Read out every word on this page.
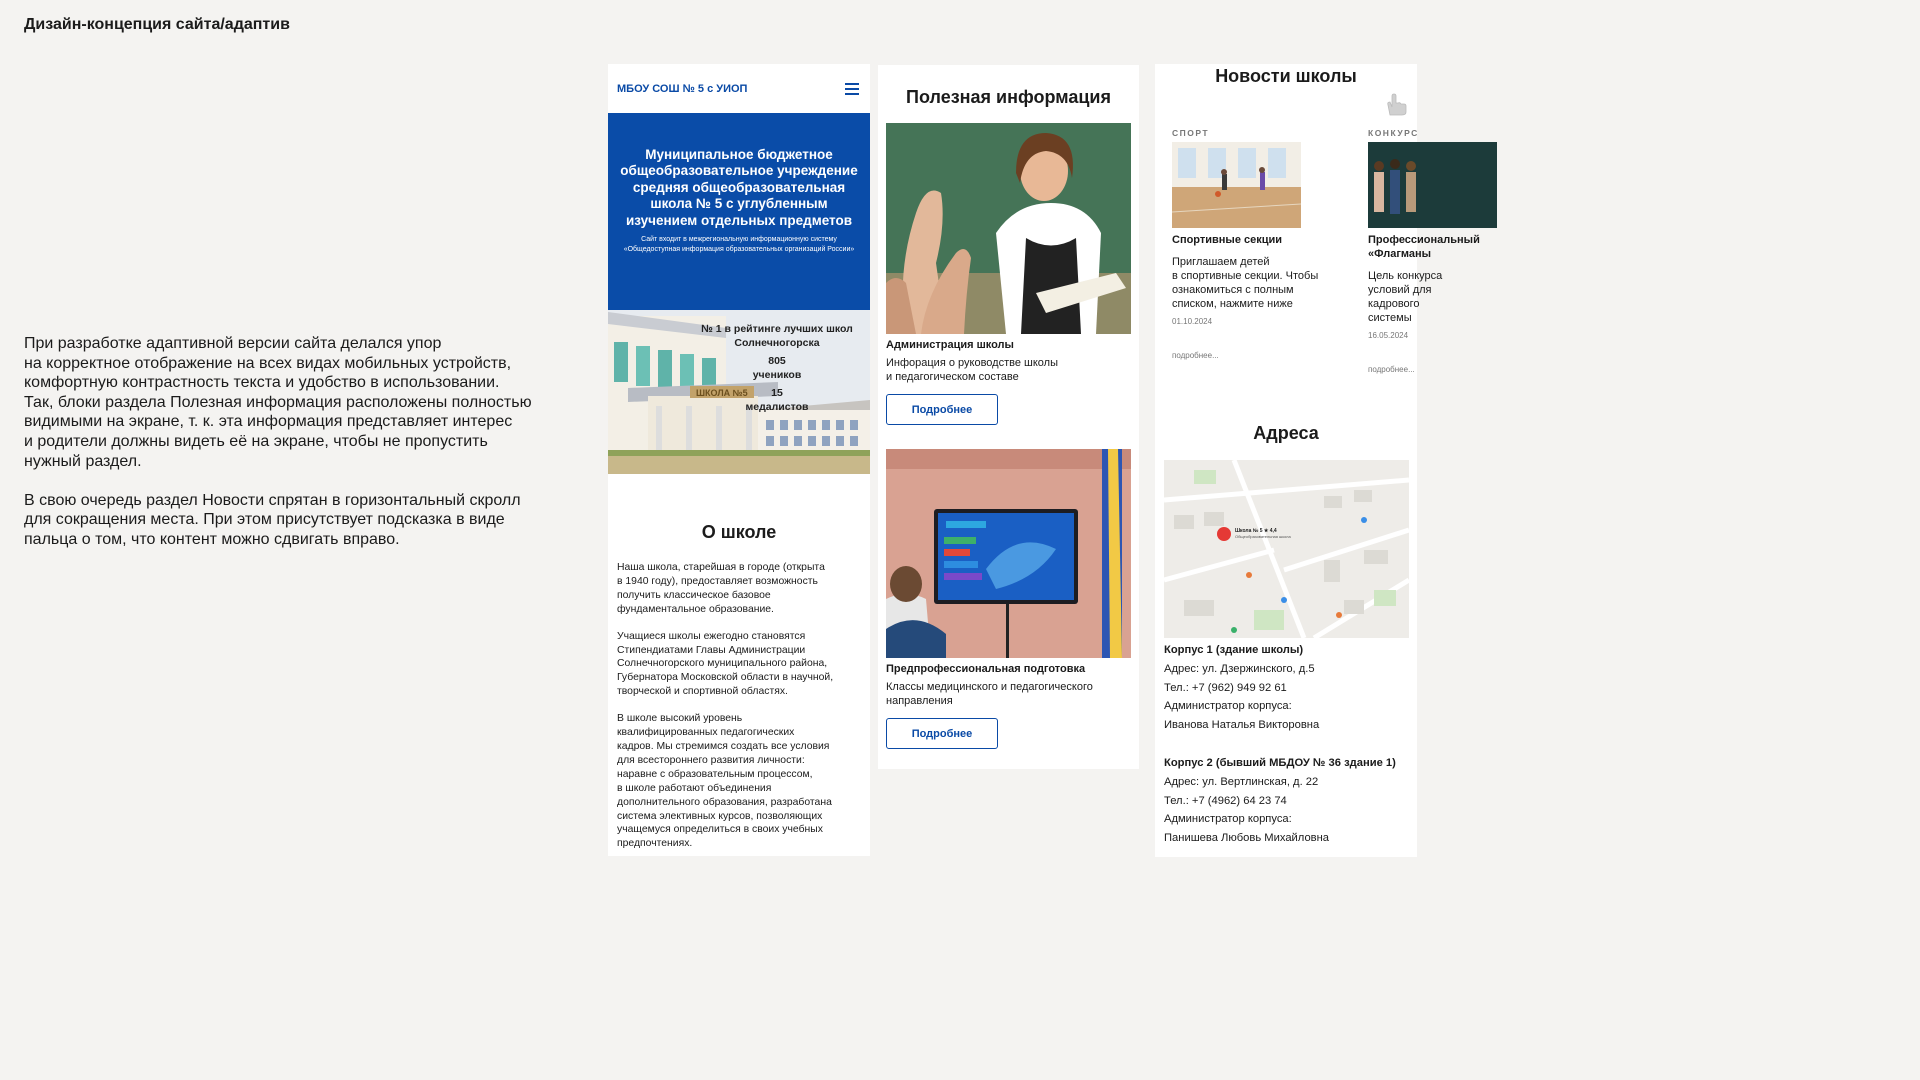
Дизайн-концепция сайта/адаптив

При разработке адаптивной версии сайта делался упор
на корректное отображение на всех видах мобильных устройств,
комфортную контрастность текста и удобство в использовании.
Так, блоки раздела Полезная информация расположены полностью
видимыми на экране, т. к. эта информация представляет интерес
и родители должны видеть её на экране, чтобы не пропустить
нужный раздел.

В свою очередь раздел Новости спрятан в горизонтальный скролл
для сокращения места. При этом присутствует подсказка в виде
пальца о том, что контент можно сдвигать вправо.

МБОУ СОШ № 5 с УИОП
Муниципальное бюджетное общеобразовательное учреждение средняя общеобразовательная школа № 5 с углубленным изучением отдельных предметов
Сайт входит в межрегиональную информационную систему «Общедоступная информация образовательных организаций России»
ШКОЛА №5
№ 1 в рейтинге лучших школ Солнечногорска
805
учеников
15
медалистов
О школе

Наша школа, старейшая в городе (открыта
в 1940 году), предоставляет возможность
получить классическое базовое
фундаментальное образование.

Учащиеся школы ежегодно становятся
Стипендиатами Главы Администрации
Солнечногорского муниципального района,
Губернатора Московской области в научной,
творческой и спортивной областях.

В школе высокий уровень
квалифицированных педагогических
кадров. Мы стремимся создать все условия
для всестороннего развития личности:
наравне с образовательным процессом,
в школе работают объединения
дополнительного образования, разработана
система элективных курсов, позволяющих
учащемуся определиться в своих учебных
предпочтениях.

Полезная информация
Администрация школы
Инфорация о руководстве школы
и педагогическом составе
Подробнее
Предпрофессиональная подготовка
Классы медицинского и педагогического
направления
Подробнее
Новости школы
СПОРТ
Спортивные секции
Приглашаем детей
в спортивные секции. Чтобы
ознакомиться с полным
списком, нажмите ниже
01.10.2024
подробнее...
КОНКУРС
Профессиональный
«Флагманы
Цель конкурса
условий для
кадрового
системы
16.05.2024
подробнее...
Адреса
Школа № 5 ★ 4,4
Общеобразовательная школа
Корпус 1 (здание школы)
Адрес: ул. Дзержинского, д.5
Тел.: +7 (962) 949 92 61
Администратор корпуса:
Иванова Наталья Викторовна
Корпус 2 (бывший МБДОУ № 36 здание 1)
Адрес: ул. Вертлинская, д. 22
Тел.: +7 (4962) 64 23 74
Администратор корпуса:
Панишева Любовь Михайловна
